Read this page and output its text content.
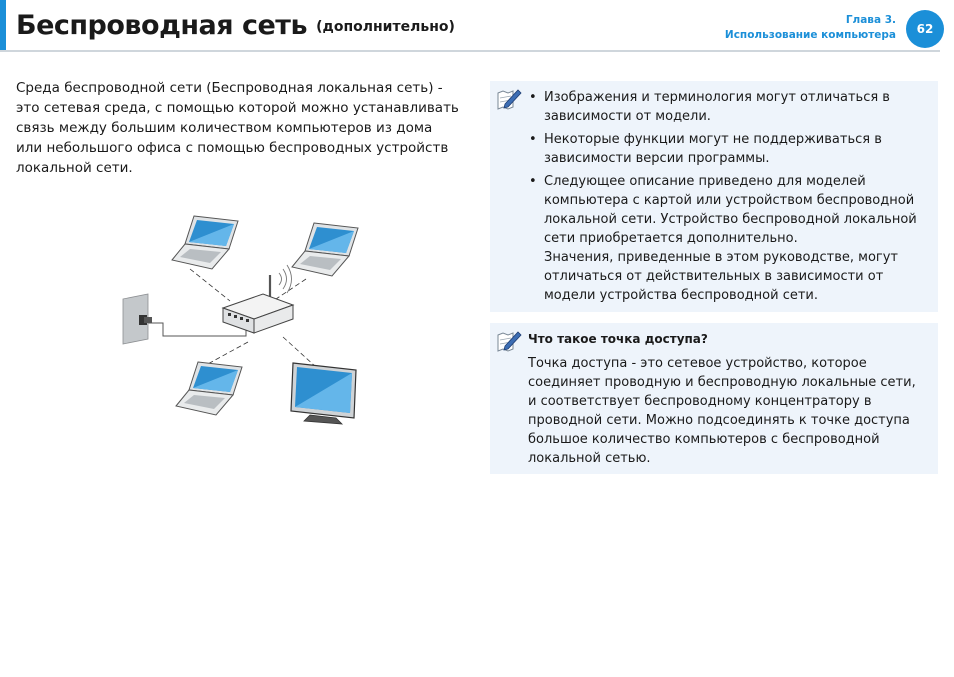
Беспроводная сеть (дополнительно)	Глава 3.
Использование компьютера	62

Среда беспроводной сети (Беспроводная локальная сеть) - это сетевая среда, с помощью которой можно устанавливать связь между большим количеством компьютеров из дома или небольшого офиса с помощью беспроводных устройств локальной сети.

• Изображения и терминология могут отличаться в зависимости от модели.
• Некоторые функции могут не поддерживаться в зависимости версии программы.
• Следующее описание приведено для моделей компьютера с картой или устройством беспроводной локальной сети. Устройство беспроводной локальной сети приобретается дополнительно.
Значения, приведенные в этом руководстве, могут отличаться от действительных в зависимости от модели устройства беспроводной сети.
Что такое точка доступа?

Точка доступа - это сетевое устройство, которое соединяет проводную и беспроводную локальные сети, и соответствует беспроводному концентратору в проводной сети. Можно подсоединять к точке доступа большое количество компьютеров с беспроводной локальной сетью.
